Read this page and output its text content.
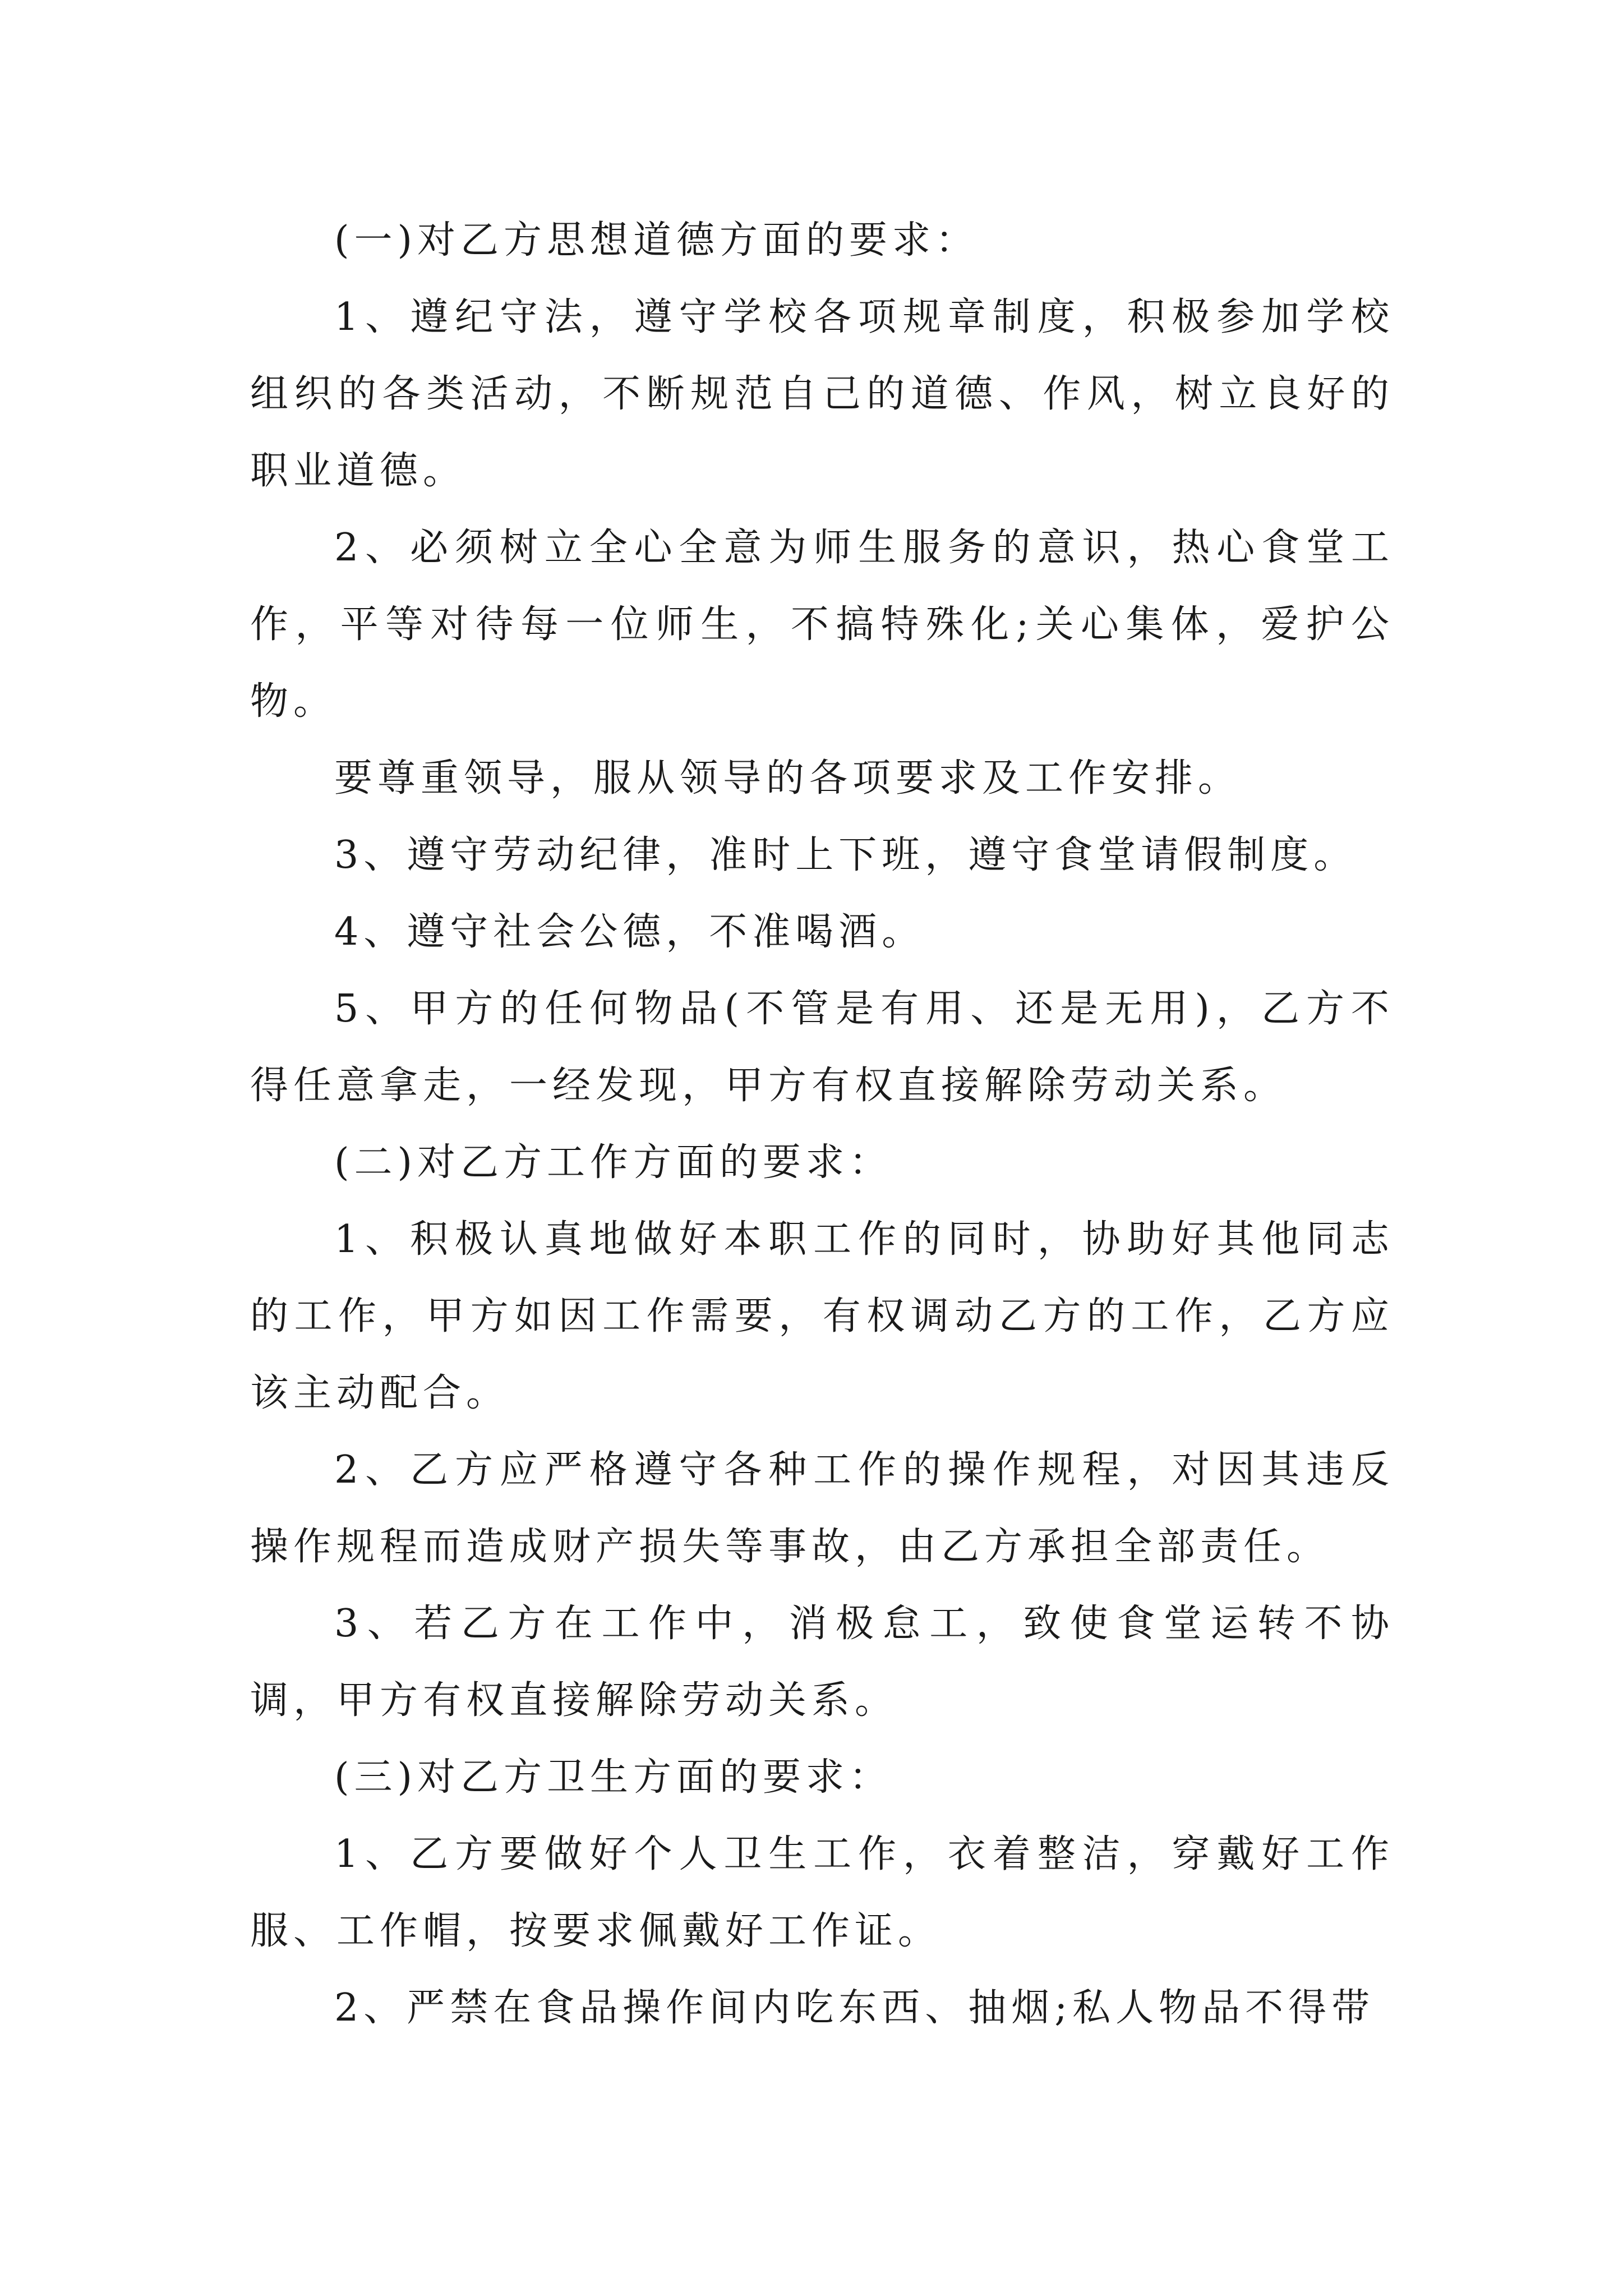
(一)对乙方思想道德方面的要求：

1、遵纪守法，遵守学校各项规章制度，积极参加学校组织的各类活动，不断规范自己的道德、作风，树立良好的职业道德。

2、必须树立全心全意为师生服务的意识，热心食堂工作，平等对待每一位师生，不搞特殊化;关心集体，爱护公物。

要尊重领导，服从领导的各项要求及工作安排。

3、遵守劳动纪律，准时上下班，遵守食堂请假制度。

4、遵守社会公德，不准喝酒。

5、甲方的任何物品(不管是有用、还是无用)，乙方不得任意拿走，一经发现，甲方有权直接解除劳动关系。

(二)对乙方工作方面的要求：

1、积极认真地做好本职工作的同时，协助好其他同志的工作，甲方如因工作需要，有权调动乙方的工作，乙方应该主动配合。

2、乙方应严格遵守各种工作的操作规程，对因其违反操作规程而造成财产损失等事故，由乙方承担全部责任。

3、若乙方在工作中，消极怠工，致使食堂运转不协调，甲方有权直接解除劳动关系。

(三)对乙方卫生方面的要求：

1、乙方要做好个人卫生工作，衣着整洁，穿戴好工作服、工作帽，按要求佩戴好工作证。

2、严禁在食品操作间内吃东西、抽烟;私人物品不得带
